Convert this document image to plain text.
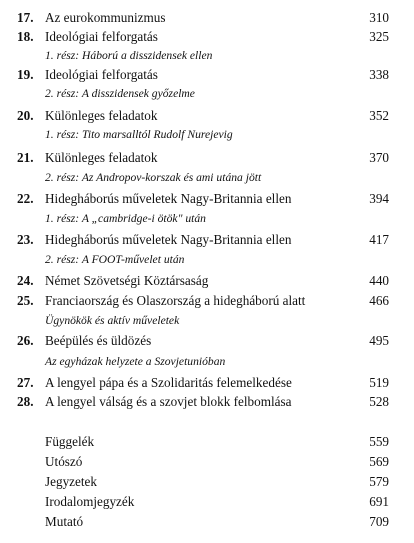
17. Az eurokommunizmus	310
18. Ideológiai felforgatás	325
1. rész: Háború a disszidensek ellen
19. Ideológiai felforgatás	338
2. rész: A disszidensek győzelme
20. Különleges feladatok	352
1. rész: Tito marsalltól Rudolf Nurejevig
21. Különleges feladatok	370
2. rész: Az Andropov-korszak és ami utána jött
22. Hidegháborús műveletek Nagy-Britannia ellen	394
1. rész: A „cambridge-i ötök" után
23. Hidegháborús műveletek Nagy-Britannia ellen	417
2. rész: A FOOT-művelet után
24. Német Szövetségi Köztársaság	440
25. Franciaország és Olaszország a hidegháború alatt	466
Ügynökök és aktív műveletek
26. Beépülés és üldözés	495
Az egyházak helyzete a Szovjetunióban
27. A lengyel pápa és a Szolidaritás felemelkedése	519
28. A lengyel válság és a szovjet blokk felbomlása	528
Függelék	559
Utószó	569
Jegyzetek	579
Irodalomjegyzék	691
Mutató	709
